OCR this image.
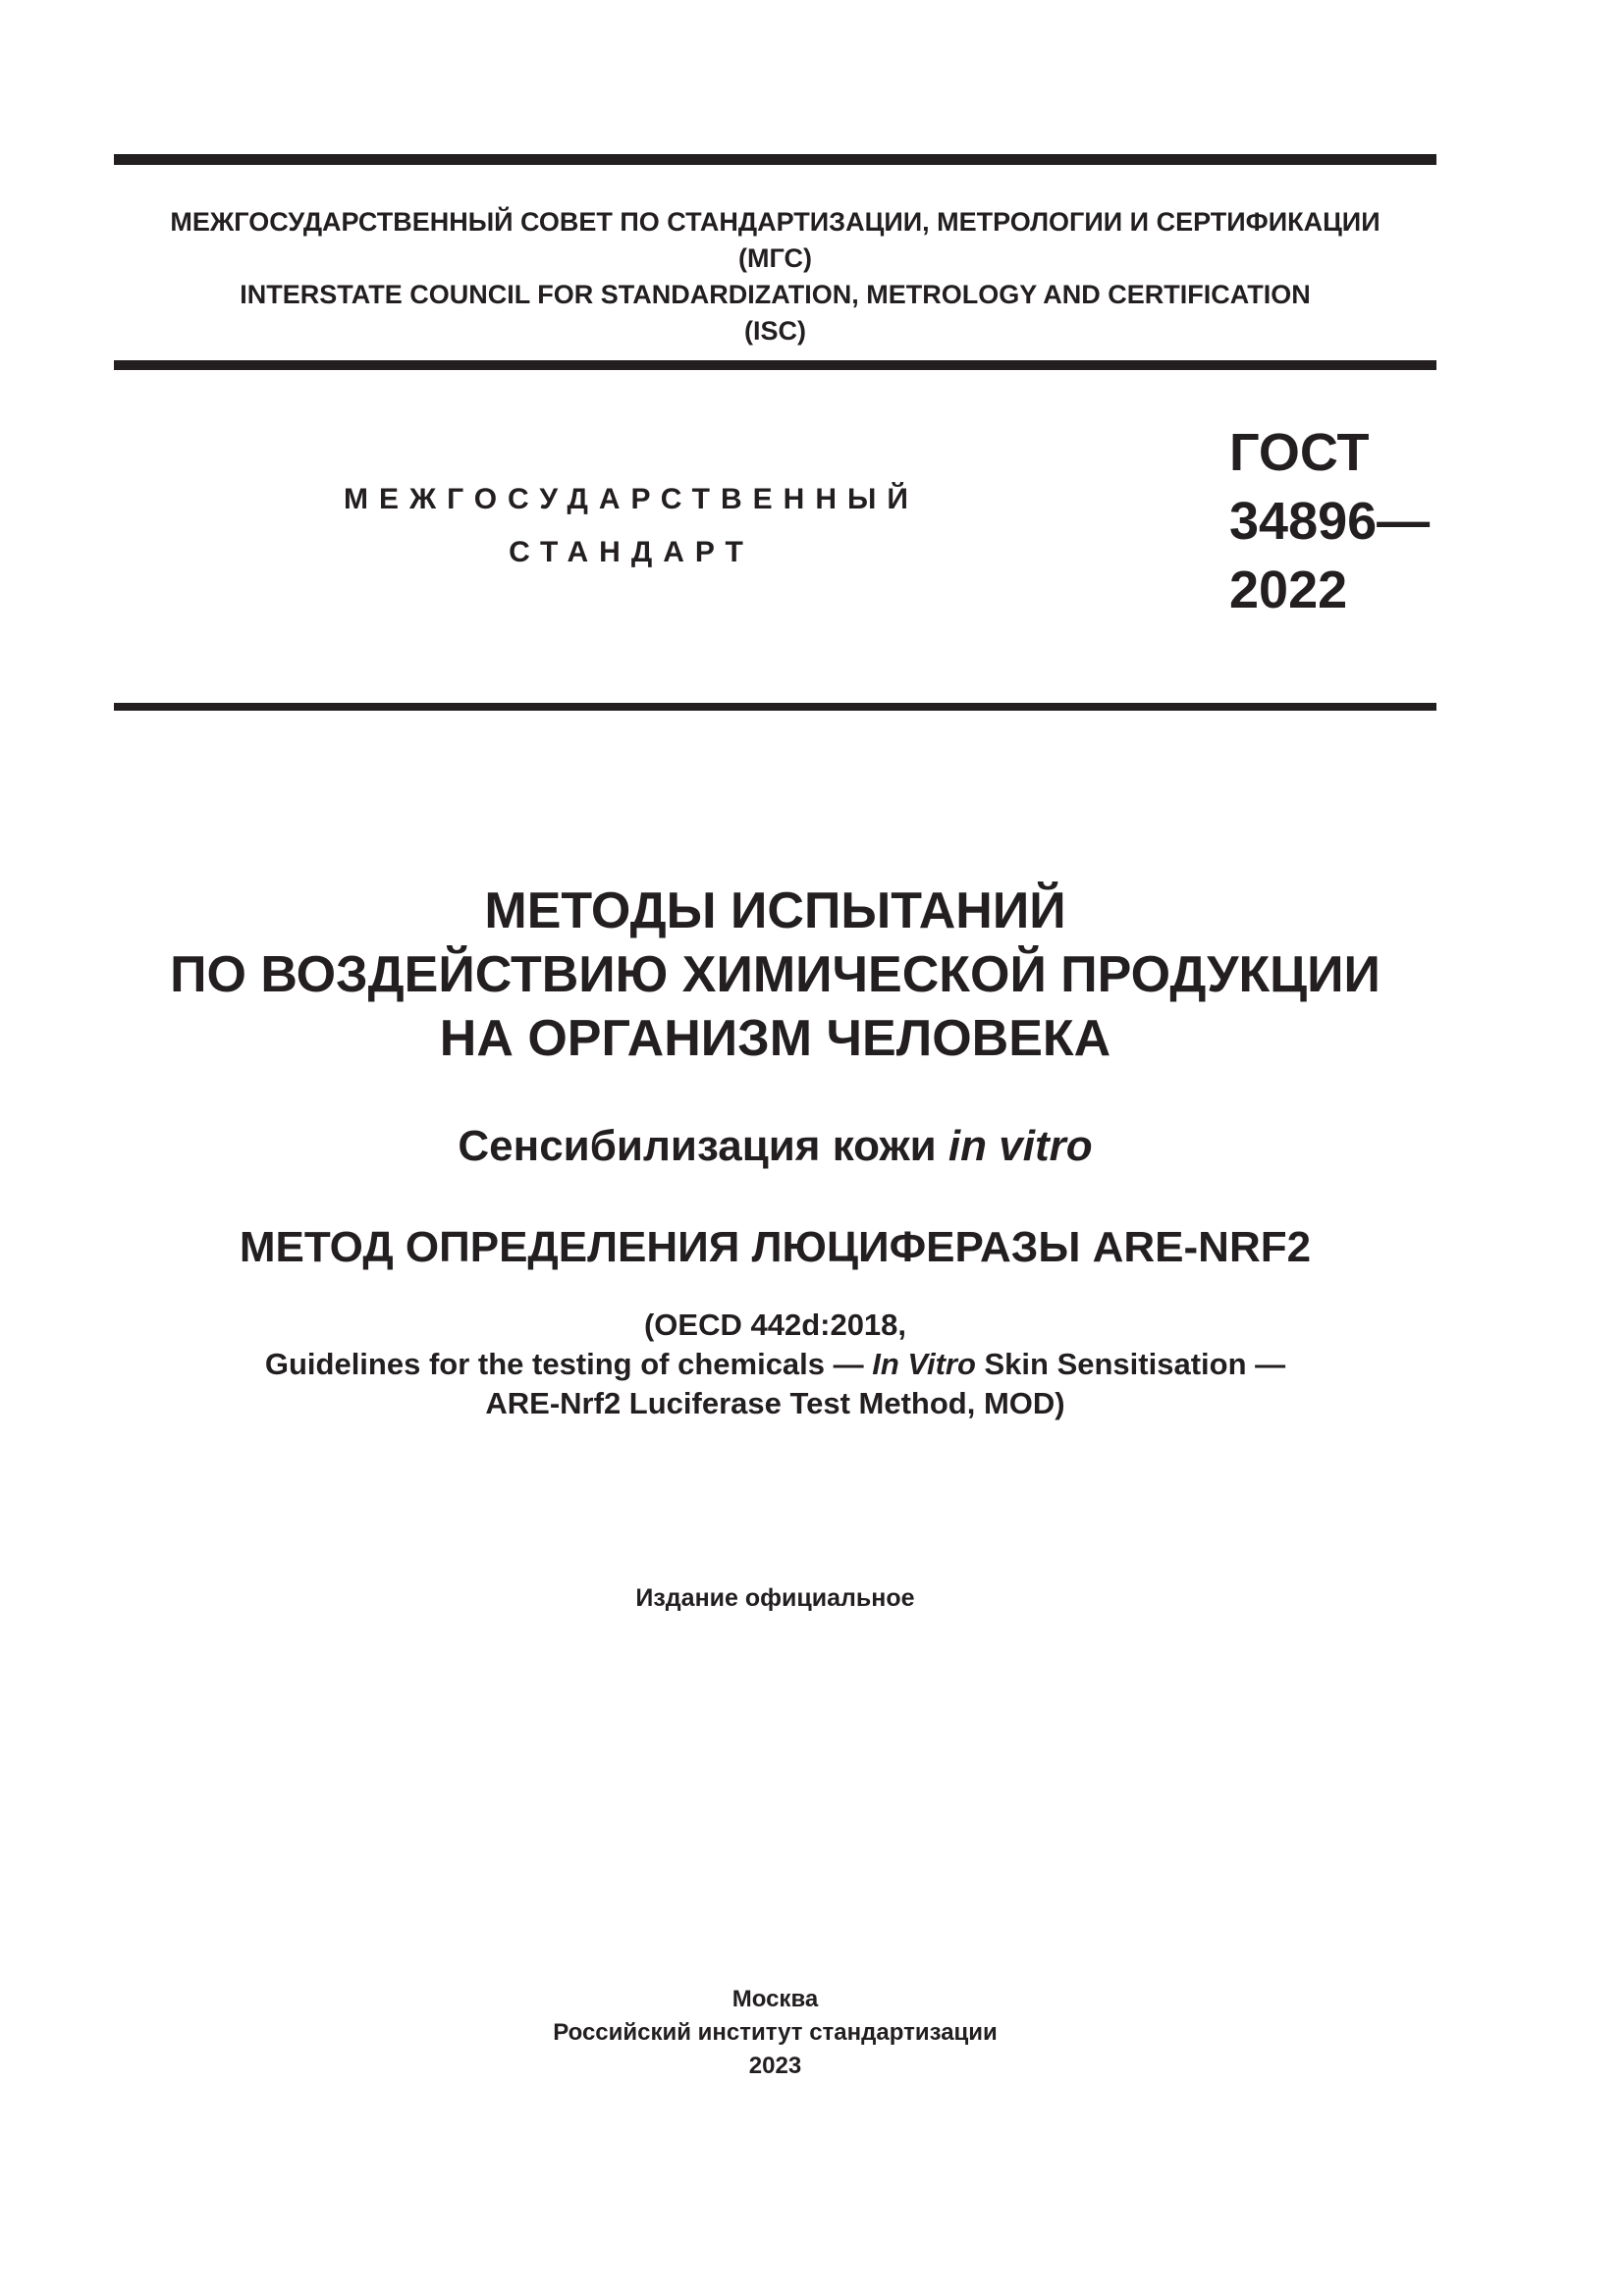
МЕЖГОСУДАРСТВЕННЫЙ СОВЕТ ПО СТАНДАРТИЗАЦИИ, МЕТРОЛОГИИ И СЕРТИФИКАЦИИ
(МГС)
INTERSTATE COUNCIL FOR STANDARDIZATION, METROLOGY AND CERTIFICATION
(ISC)
МЕЖГОСУДАРСТВЕННЫЙ
СТАНДАРТ
ГОСТ
34896—
2022
МЕТОДЫ ИСПЫТАНИЙ
ПО ВОЗДЕЙСТВИЮ ХИМИЧЕСКОЙ ПРОДУКЦИИ
НА ОРГАНИЗМ ЧЕЛОВЕКА
Сенсибилизация кожи in vitro
МЕТОД ОПРЕДЕЛЕНИЯ ЛЮЦИФЕРАЗЫ ARE-NRF2
(OECD 442d:2018,
Guidelines for the testing of chemicals — In Vitro Skin Sensitisation —
ARE-Nrf2 Luciferase Test Method, MOD)
Издание официальное
Москва
Российский институт стандартизации
2023
